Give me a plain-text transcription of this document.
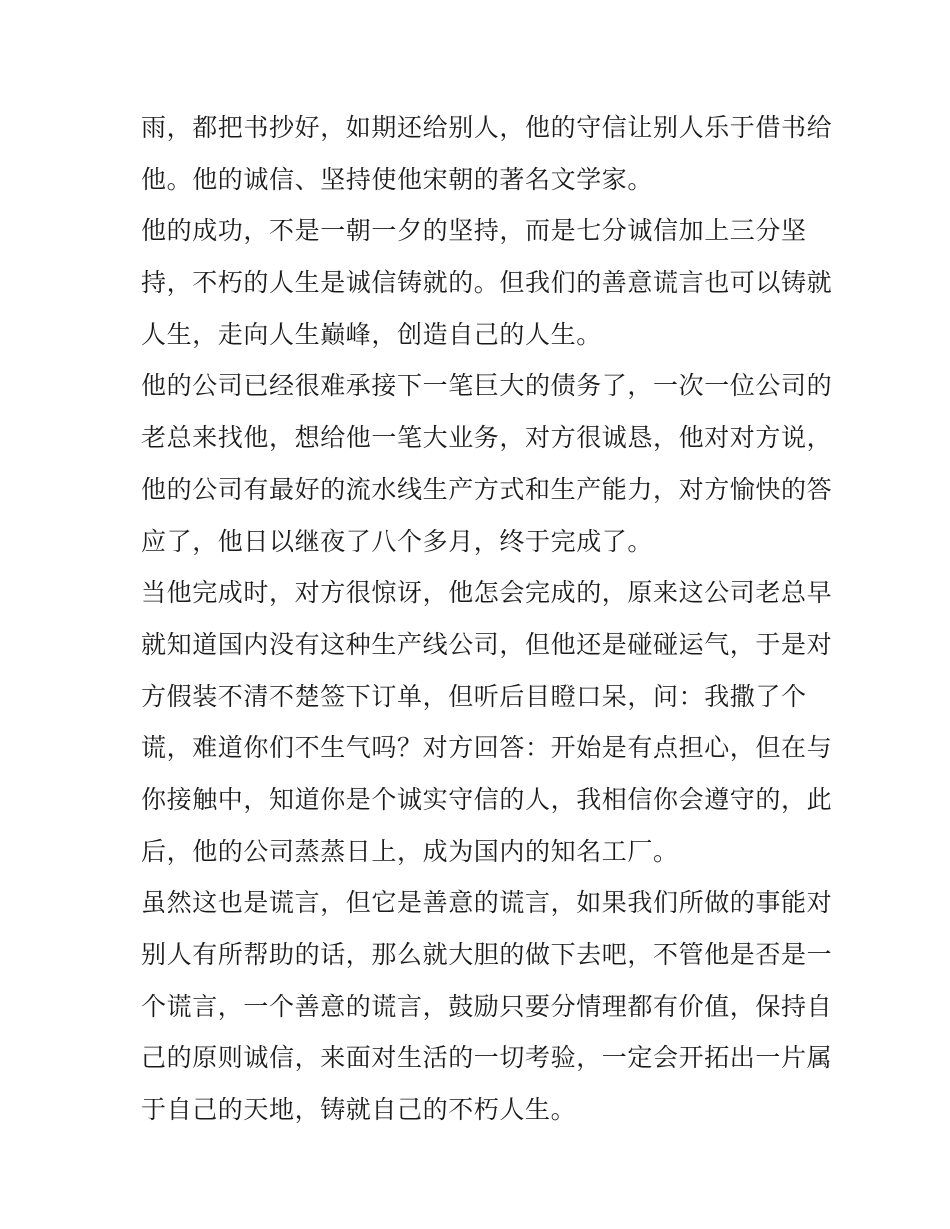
雨，都把书抄好，如期还给别人，他的守信让别人乐于借书给
他。他的诚信、坚持使他宋朝的著名文学家。
他的成功，不是一朝一夕的坚持，而是七分诚信加上三分坚
持，不朽的人生是诚信铸就的。但我们的善意谎言也可以铸就
人生，走向人生巅峰，创造自己的人生。
他的公司已经很难承接下一笔巨大的债务了，一次一位公司的
老总来找他，想给他一笔大业务，对方很诚恳，他对对方说，
他的公司有最好的流水线生产方式和生产能力，对方愉快的答
应了，他日以继夜了八个多月，终于完成了。
当他完成时，对方很惊讶，他怎会完成的，原来这公司老总早
就知道国内没有这种生产线公司，但他还是碰碰运气，于是对
方假装不清不楚签下订单，但听后目瞪口呆，问：我撒了个
谎，难道你们不生气吗？对方回答：开始是有点担心，但在与
你接触中，知道你是个诚实守信的人，我相信你会遵守的，此
后，他的公司蒸蒸日上，成为国内的知名工厂。
虽然这也是谎言，但它是善意的谎言，如果我们所做的事能对
别人有所帮助的话，那么就大胆的做下去吧，不管他是否是一
个谎言，一个善意的谎言，鼓励只要分情理都有价值，保持自
己的原则诚信，来面对生活的一切考验，一定会开拓出一片属
于自己的天地，铸就自己的不朽人生。
